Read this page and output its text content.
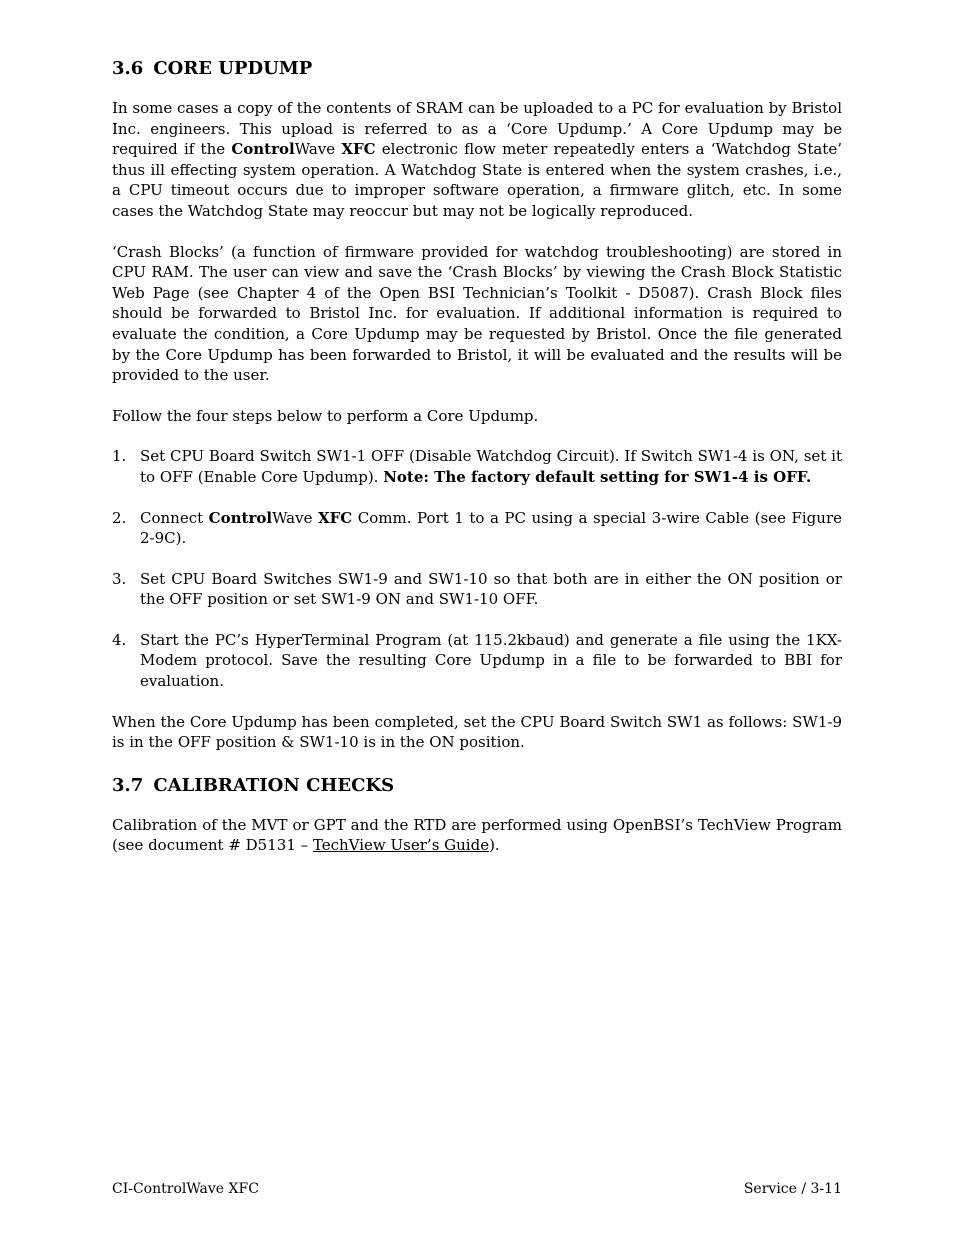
3.6 CORE UPDUMP

In some cases a copy of the contents of SRAM can be uploaded to a PC for evaluation by Bristol Inc. engineers. This upload is referred to as a ‘Core Updump.’ A Core Updump may be required if the ControlWave XFC electronic flow meter repeatedly enters a ‘Watchdog State’ thus ill effecting system operation. A Watchdog State is entered when the system crashes, i.e., a CPU timeout occurs due to improper software operation, a firmware glitch, etc. In some cases the Watchdog State may reoccur but may not be logically reproduced.

‘Crash Blocks’ (a function of firmware provided for watchdog troubleshooting) are stored in CPU RAM. The user can view and save the ‘Crash Blocks’ by viewing the Crash Block Statistic Web Page (see Chapter 4 of the Open BSI Technician’s Toolkit - D5087). Crash Block files should be forwarded to Bristol Inc. for evaluation. If additional information is required to evaluate the condition, a Core Updump may be requested by Bristol. Once the file generated by the Core Updump has been forwarded to Bristol, it will be evaluated and the results will be provided to the user.

Follow the four steps below to perform a Core Updump.

1. Set CPU Board Switch SW1-1 OFF (Disable Watchdog Circuit). If Switch SW1-4 is ON, set it to OFF (Enable Core Updump). Note: The factory default setting for SW1-4 is OFF.
2. Connect ControlWave XFC Comm. Port 1 to a PC using a special 3-wire Cable (see Figure 2-9C).
3. Set CPU Board Switches SW1-9 and SW1-10 so that both are in either the ON position or the OFF position or set SW1-9 ON and SW1-10 OFF.
4. Start the PC’s HyperTerminal Program (at 115.2kbaud) and generate a file using the 1KX-Modem protocol. Save the resulting Core Updump in a file to be forwarded to BBI for evaluation.

When the Core Updump has been completed, set the CPU Board Switch SW1 as follows: SW1-9 is in the OFF position & SW1-10 is in the ON position.

3.7 CALIBRATION CHECKS

Calibration of the MVT or GPT and the RTD are performed using OpenBSI’s TechView Program (see document # D5131 – TechView User’s Guide).

CI-ControlWave XFC	Service / 3-11
